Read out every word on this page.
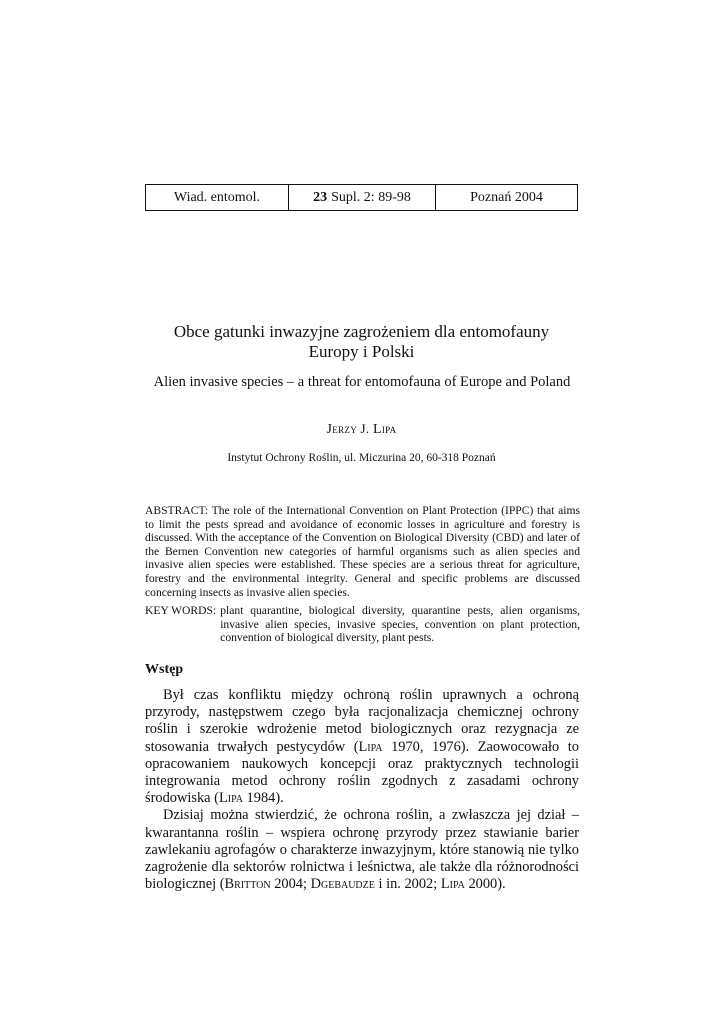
Wiad. entomol.	23 Supl. 2: 89-98	Poznań 2004
Obce gatunki inwazyjne zagrożeniem dla entomofauny
Europy i Polski
Alien invasive species – a threat for entomofauna of Europe and Poland
Jerzy J. Lipa
Instytut Ochrony Roślin, ul. Miczurina 20, 60-318 Poznań
ABSTRACT: The role of the International Convention on Plant Protection (IPPC) that aims to limit the pests spread and avoidance of economic losses in agriculture and forestry is discussed. With the acceptance of the Convention on Biological Diversity (CBD) and later of the Bernen Convention new categories of harmful organisms such as alien species and invasive alien species were established. These species are a serious threat for agriculture, forestry and the environmental integrity. General and specific problems are discussed concerning insects as invasive alien species.
KEY WORDS: plant quarantine, biological diversity, quarantine pests, alien organisms, invasive alien species, invasive species, convention on plant protection, convention of biological diversity, plant pests.
Wstęp

Był czas konfliktu między ochroną roślin uprawnych a ochroną przyrody, następstwem czego była racjonalizacja chemicznej ochrony roślin i szerokie wdrożenie metod biologicznych oraz rezygnacja ze stosowania trwałych pestycydów (Lipa 1970, 1976). Zaowocowało to opracowaniem naukowych koncepcji oraz praktycznych technologii integrowania metod ochrony roślin zgodnych z zasadami ochrony środowiska (Lipa 1984).

Dzisiaj można stwierdzić, że ochrona roślin, a zwłaszcza jej dział – kwarantanna roślin – wspiera ochronę przyrody przez stawianie barier zawlekaniu agrofagów o charakterze inwazyjnym, które stanowią nie tylko zagrożenie dla sektorów rolnictwa i leśnictwa, ale także dla różnorodności biologicznej (Britton 2004; Dgebaudze i in. 2002; Lipa 2000).
